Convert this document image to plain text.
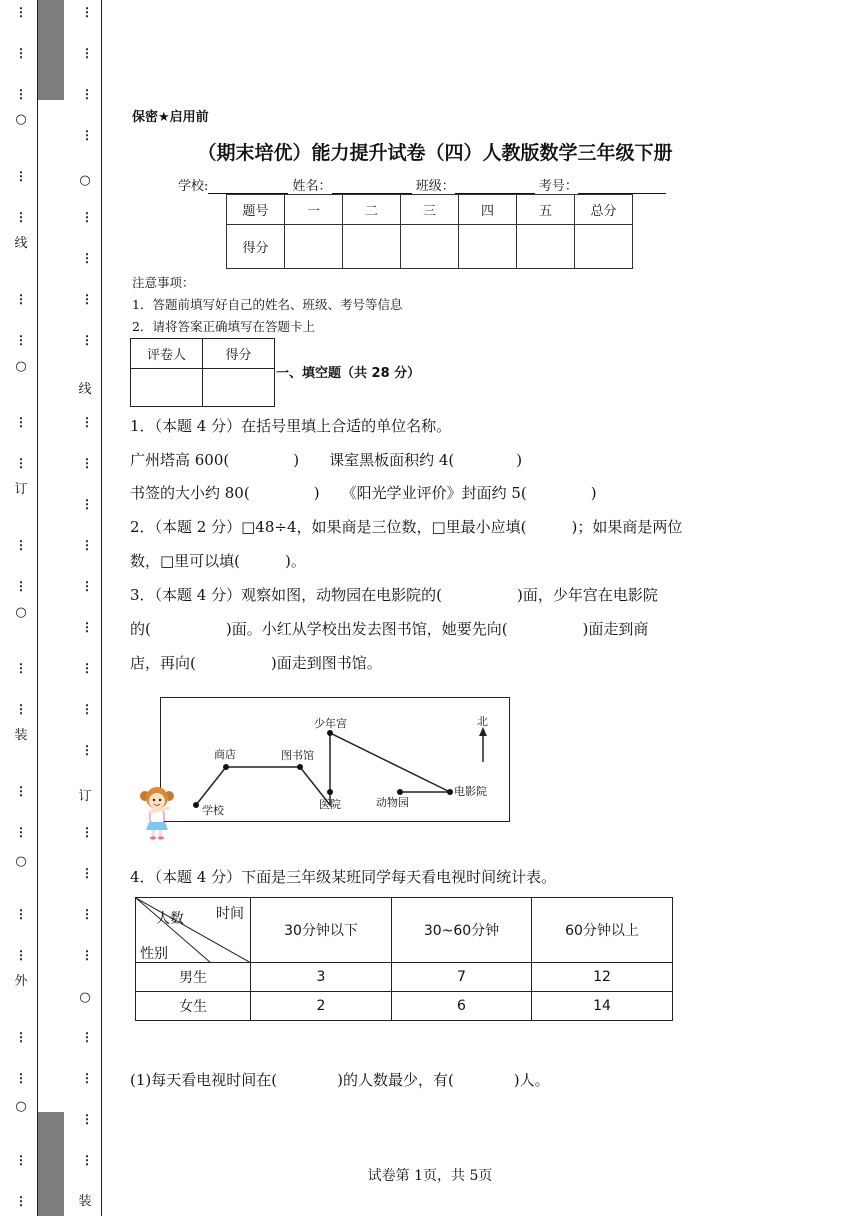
○
线
○
订
○
装
○
外
○
⋮
⋮
⋮
⋮
⋮
⋮
⋮
⋮
⋮
⋮
⋮
⋮
⋮
⋮
⋮
⋮
⋮
⋮
⋮
⋮
⋮
○
线
订
○
装
⋮
⋮
⋮
⋮
⋮
⋮
⋮
⋮
⋮
⋮
⋮
⋮
⋮
⋮
⋮
⋮
⋮
⋮
⋮
⋮
⋮
⋮
⋮
⋮
⋮
保密★启用前
（期末培优）能力提升试卷（四）人教版数学三年级下册
学校:	姓名：	班级：	考号：
题号	一	二	三	四	五	总分
得分						
注意事项：
1．答题前填写好自己的姓名、班级、考号等信息
2．请将答案正确填写在答题卡上
评卷人	得分

一、填空题（共 28 分）
1．（本题 4 分）在括号里填上合适的单位名称。
广州塔高 600(	) 课室黑板面积约 4(	)
书签的大小约 80(	) 《阳光学业评价》封面约 5(	)
2．（本题 2 分）□48÷4，如果商是三位数，□里最小应填(　　　)；如果商是两位
数，□里可以填(　　　)。
3．（本题 4 分）观察如图，动物园在电影院的(　　　　　)面，少年宫在电影院
的(　　　　　)面。小红从学校出发去图书馆，她要先向(　　　　　)面走到商
店，再向(　　　　　)面走到图书馆。
学校
商店	图书馆
少年宫
医院	动物园
电影院
北
4．（本题 4 分）下面是三年级某班同学每天看电视时间统计表。
时间
人数
性别	30分钟以下	30~60分钟	60分钟以上
男生	3	7	12
女生	2	6	14
(1)每天看电视时间在(　　　　)的人数最少，有(　　　　)人。
试卷第 1页，共 5页
